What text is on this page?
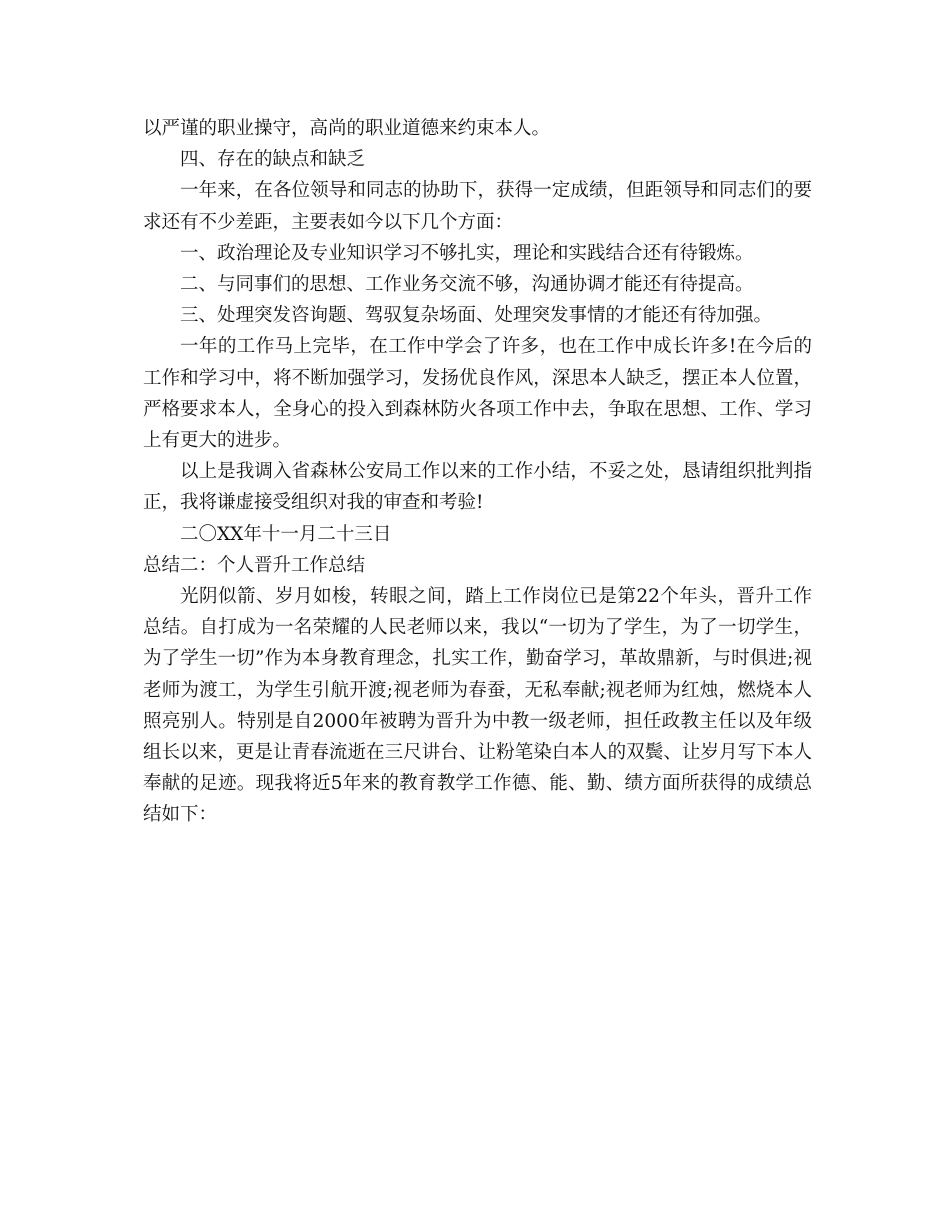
以严谨的职业操守，高尚的职业道德来约束本人。

四、存在的缺点和缺乏

一年来，在各位领导和同志的协助下，获得一定成绩，但距领导和同志们的要求还有不少差距，主要表如今以下几个方面：

一、政治理论及专业知识学习不够扎实，理论和实践结合还有待锻炼。

二、与同事们的思想、工作业务交流不够，沟通协调才能还有待提高。

三、处理突发咨询题、驾驭复杂场面、处理突发事情的才能还有待加强。

一年的工作马上完毕，在工作中学会了许多，也在工作中成长许多!在今后的工作和学习中，将不断加强学习，发扬优良作风，深思本人缺乏，摆正本人位置，严格要求本人，全身心的投入到森林防火各项工作中去，争取在思想、工作、学习上有更大的进步。

以上是我调入省森林公安局工作以来的工作小结，不妥之处，恳请组织批判指正，我将谦虚接受组织对我的审查和考验!

二〇XX年十一月二十三日

总结二：个人晋升工作总结

光阴似箭、岁月如梭，转眼之间，踏上工作岗位已是第22个年头，晋升工作总结。自打成为一名荣耀的人民老师以来，我以“一切为了学生，为了一切学生，为了学生一切”作为本身教育理念，扎实工作，勤奋学习，革故鼎新，与时俱进;视老师为渡工，为学生引航开渡;视老师为春蚕，无私奉献;视老师为红烛，燃烧本人照亮别人。特别是自2000年被聘为晋升为中教一级老师，担任政教主任以及年级组长以来，更是让青春流逝在三尺讲台、让粉笔染白本人的双鬓、让岁月写下本人奉献的足迹。现我将近5年来的教育教学工作德、能、勤、绩方面所获得的成绩总结如下：
